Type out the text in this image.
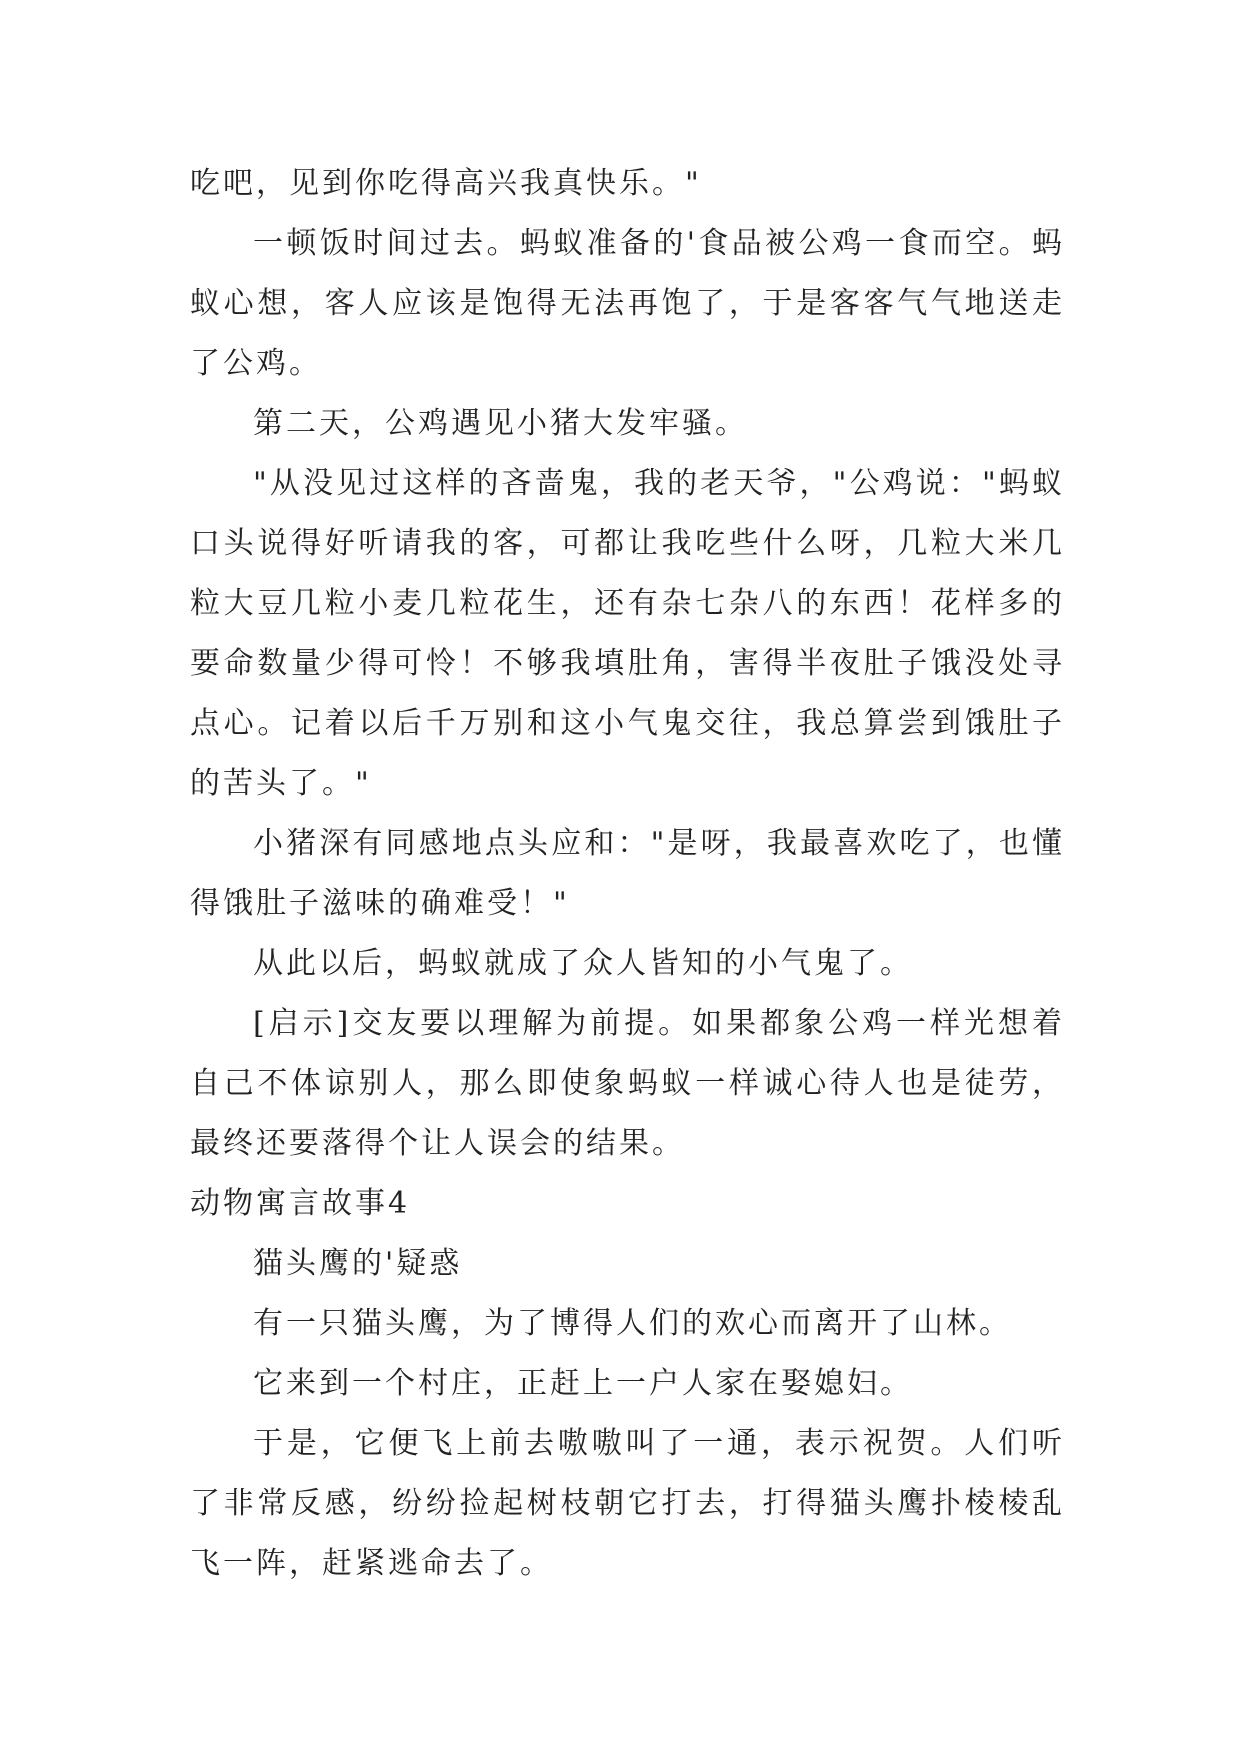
吃吧，见到你吃得高兴我真快乐。"

一顿饭时间过去。蚂蚁准备的'食品被公鸡一食而空。蚂蚁心想，客人应该是饱得无法再饱了，于是客客气气地送走了公鸡。

第二天，公鸡遇见小猪大发牢骚。

"从没见过这样的吝啬鬼，我的老天爷，"公鸡说："蚂蚁口头说得好听请我的客，可都让我吃些什么呀，几粒大米几粒大豆几粒小麦几粒花生，还有杂七杂八的东西！花样多的要命数量少得可怜！不够我填肚角，害得半夜肚子饿没处寻点心。记着以后千万别和这小气鬼交往，我总算尝到饿肚子的苦头了。"

小猪深有同感地点头应和："是呀，我最喜欢吃了，也懂得饿肚子滋味的确难受！"

从此以后，蚂蚁就成了众人皆知的小气鬼了。

[启示]交友要以理解为前提。如果都象公鸡一样光想着自己不体谅别人，那么即使象蚂蚁一样诚心待人也是徒劳，最终还要落得个让人误会的结果。

动物寓言故事4

猫头鹰的'疑惑

有一只猫头鹰，为了博得人们的欢心而离开了山林。

它来到一个村庄，正赶上一户人家在娶媳妇。

于是，它便飞上前去嗷嗷叫了一通，表示祝贺。人们听了非常反感，纷纷捡起树枝朝它打去，打得猫头鹰扑棱棱乱飞一阵，赶紧逃命去了。
